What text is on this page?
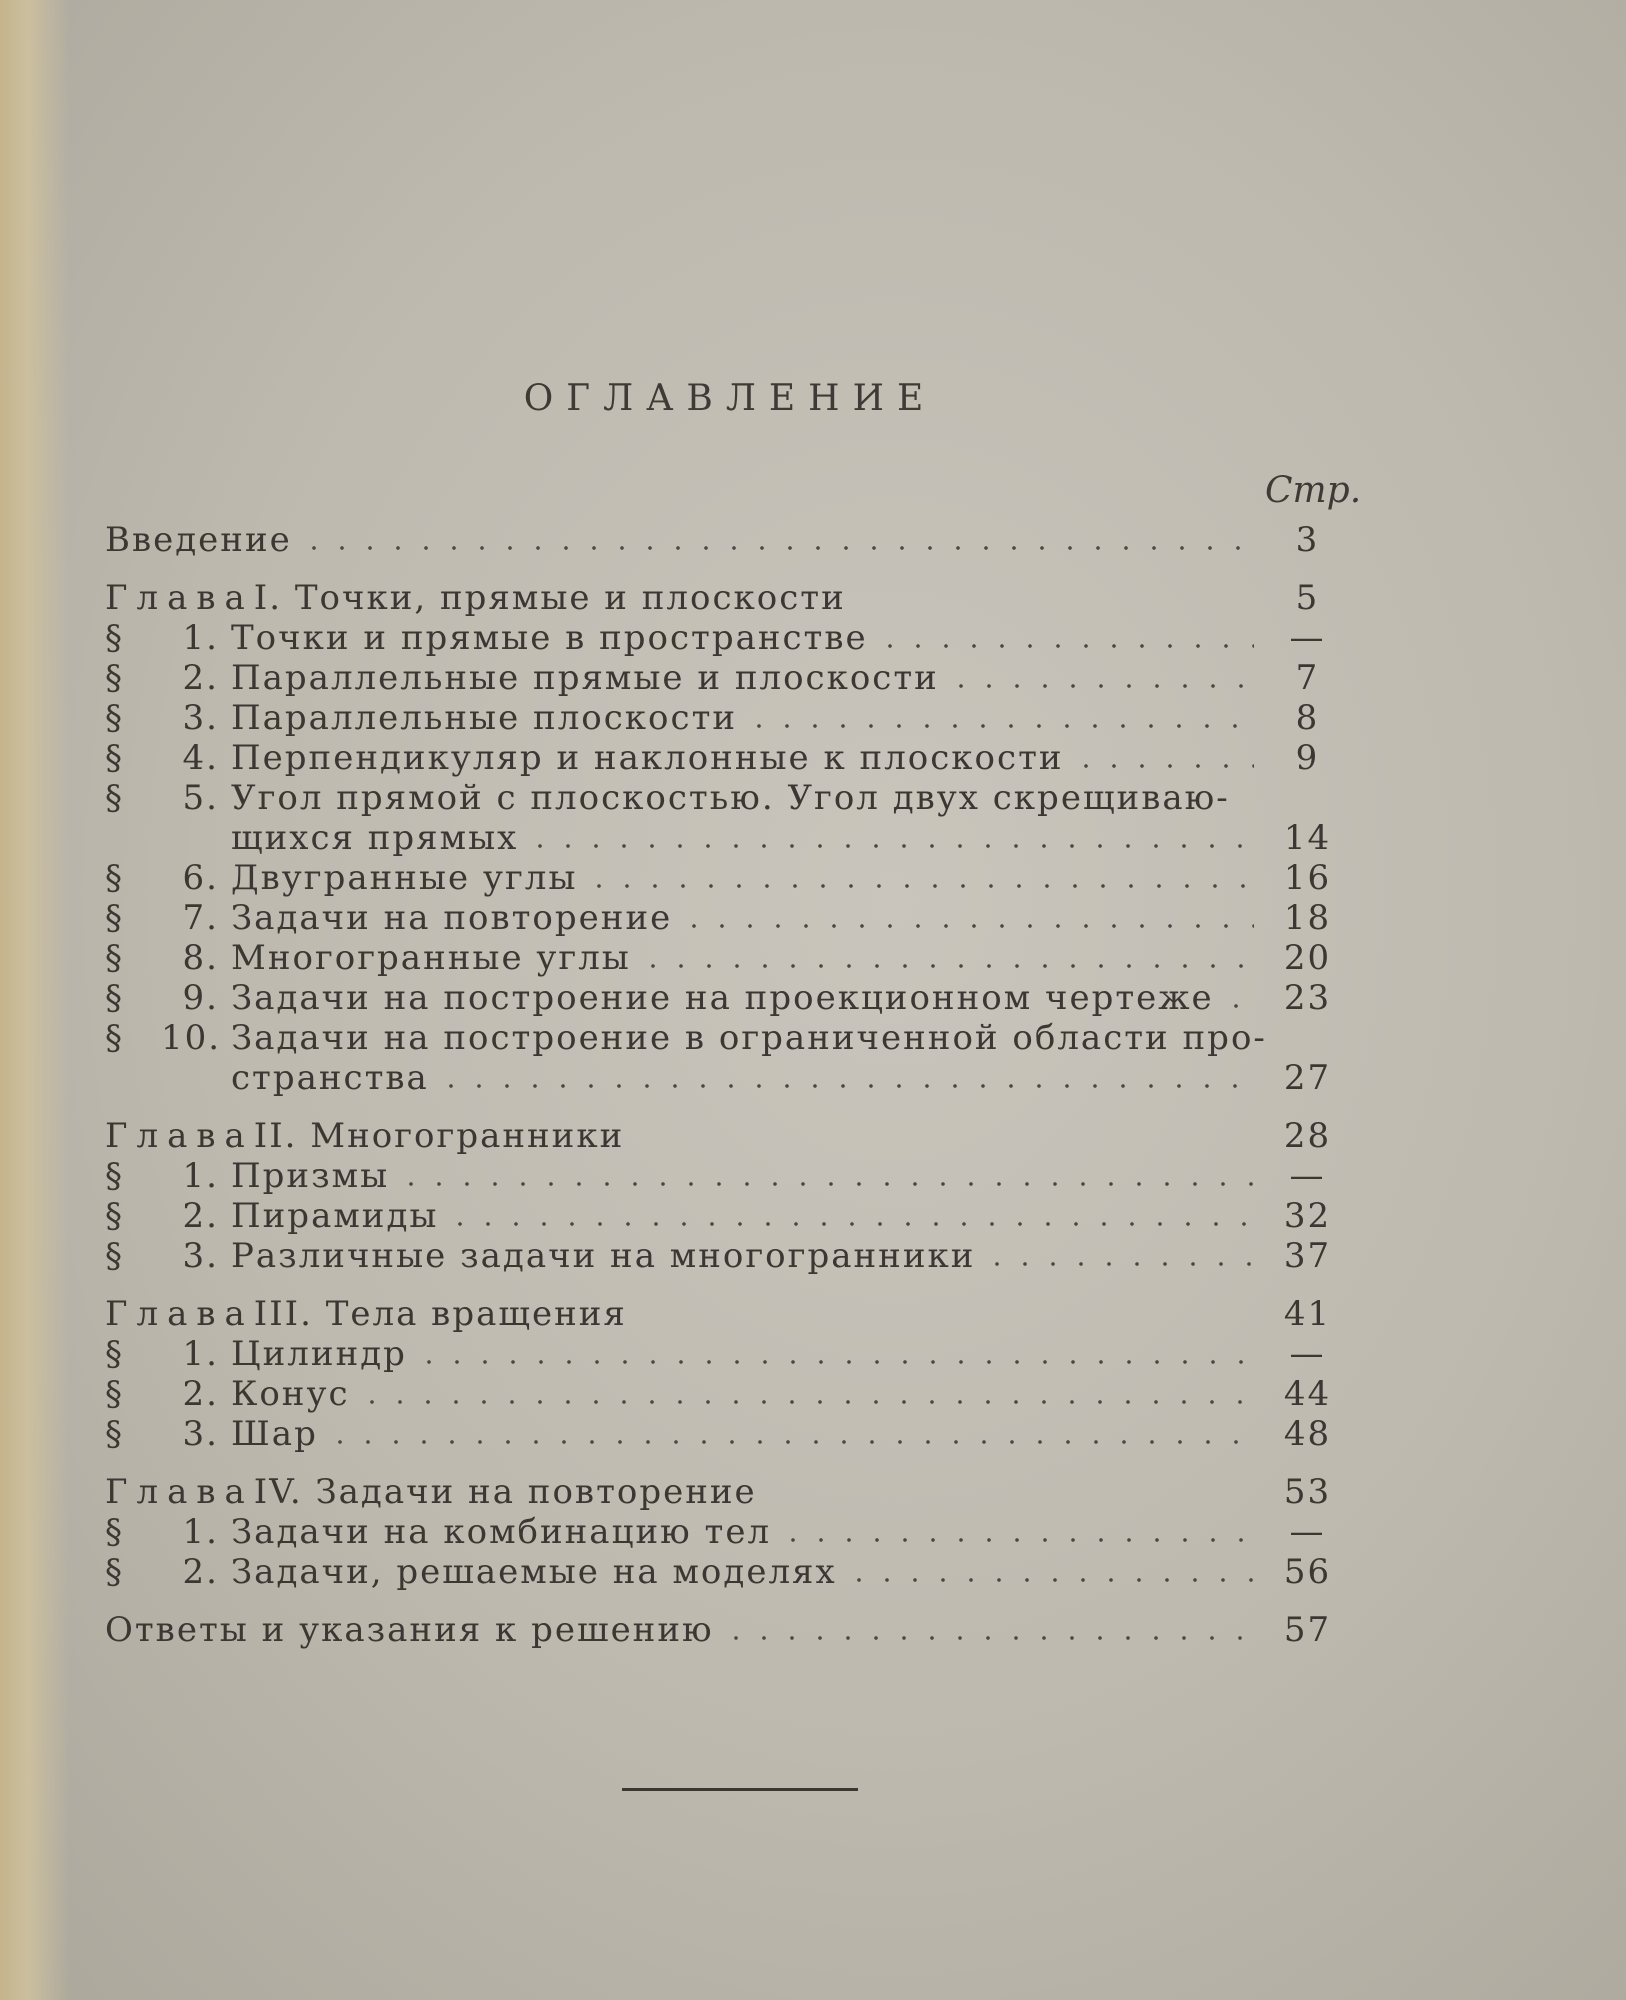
ОГЛАВЛЕНИЕ
Стр.
Введение	3
Глава I. Точки, прямые и плоскости	5
§	1. Точки и прямые в пространстве	—
§	2. Параллельные прямые и плоскости	7
§	3. Параллельные плоскости	8
§	4. Перпендикуляр и наклонные к плоскости	9
§	5. Угол прямой с плоскостью. Угол двух скрещиваю-
щихся прямых	14
§	6. Двугранные углы	16
§	7. Задачи на повторение	18
§	8. Многогранные углы	20
§	9. Задачи на построение на проекционном чертеже	23
§	10. Задачи на построение в ограниченной области про-
странства	27
Глава II. Многогранники	28
§	1. Призмы	—
§	2. Пирамиды	32
§	3. Различные задачи на многогранники	37
Глава III. Тела вращения	41
§	1. Цилиндр	—
§	2. Конус	44
§	3. Шар	48
Глава IV. Задачи на повторение	53
§	1. Задачи на комбинацию тел	—
§	2. Задачи, решаемые на моделях	56
Ответы и указания к решению	57
